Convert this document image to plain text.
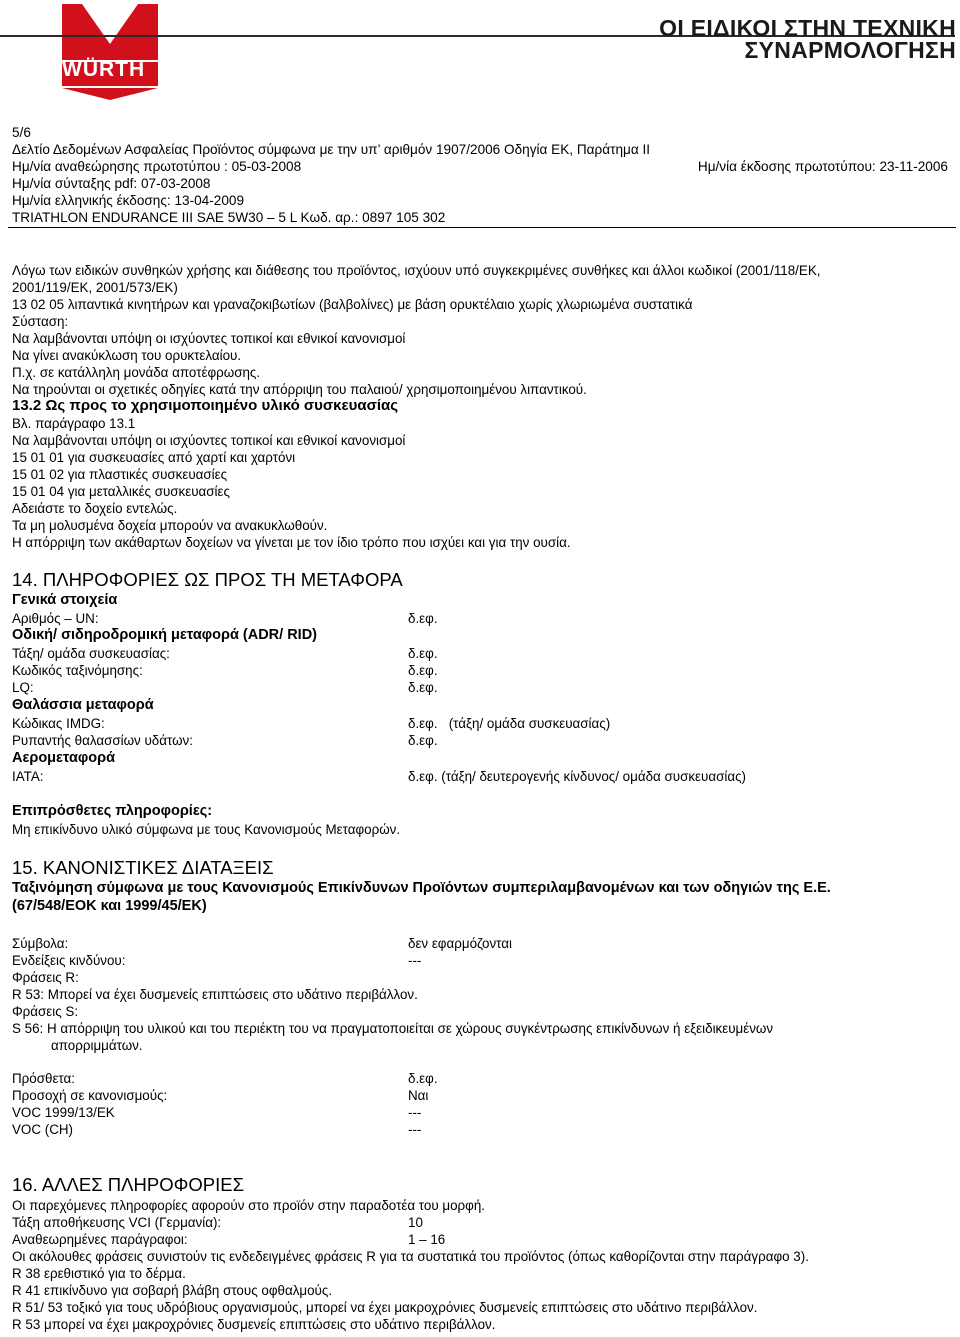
WÜRTH
®
ΟΙ ΕΙΔΙΚΟΙ ΣΤΗΝ ΤΕΧΝΙΚΗ
ΣΥΝΑΡΜΟΛΟΓΗΣΗ
5/6
Δελτίο Δεδομένων Ασφαλείας Προϊόντος σύμφωνα με την υπ’ αριθμόν 1907/2006 Οδηγία ΕΚ, Παράτημα II
Ημ/νία αναθεώρησης πρωτοτύπου : 05-03-2008	Ημ/νία έκδοσης πρωτοτύπου: 23-11-2006
Ημ/νία σύνταξης pdf: 07-03-2008
Ημ/νία ελληνικής έκδοσης: 13-04-2009
TRIATHLON ENDURANCE III SAE 5W30 – 5 L Κωδ. αρ.: 0897 105 302
Λόγω των ειδικών συνθηκών χρήσης και διάθεσης του προϊόντος, ισχύουν υπό συγκεκριμένες συνθήκες και άλλοι κωδικοί (2001/118/ΕΚ,
2001/119/ΕΚ, 2001/573/ΕΚ)
13 02 05 λιπαντικά κινητήρων και γραναζοκιβωτίων (βαλβολίνες) με βάση ορυκτέλαιο χωρίς χλωριωμένα συστατικά
Σύσταση:
Να λαμβάνονται υπόψη οι ισχύοντες τοπικοί και εθνικοί κανονισμοί
Να γίνει ανακύκλωση του ορυκτελαίου.
Π.χ. σε κατάλληλη μονάδα αποτέφρωσης.
Να τηρούνται οι σχετικές οδηγίες κατά την απόρριψη του παλαιού/ χρησιμοποιημένου λιπαντικού.
13.2 Ως προς το χρησιμοποιημένο υλικό συσκευασίας
Βλ. παράγραφο 13.1
Να λαμβάνονται υπόψη οι ισχύοντες τοπικοί και εθνικοί κανονισμοί
15 01 01 για συσκευασίες από χαρτί και χαρτόνι
15 01 02 για πλαστικές συσκευασίες
15 01 04 για μεταλλικές συσκευασίες
Αδειάστε το δοχείο εντελώς.
Τα μη μολυσμένα δοχεία μπορούν να ανακυκλωθούν.
Η απόρριψη των ακάθαρτων δοχείων να γίνεται με τον ίδιο τρόπο που ισχύει και για την ουσία.
14. ΠΛΗΡΟΦΟΡΙΕΣ ΩΣ ΠΡΟΣ ΤΗ ΜΕΤΑΦΟΡΑ
Γενικά στοιχεία
Αριθμός – UN:	δ.εφ.
Οδική/ σιδηροδρομική μεταφορά (ADR/ RID)
Τάξη/ ομάδα συσκευασίας:	δ.εφ.
Κωδικός ταξινόμησης:	δ.εφ.
LQ:	δ.εφ.
Θαλάσσια μεταφορά
Κώδικας IMDG:	δ.εφ.   (τάξη/ ομάδα συσκευασίας)
Ρυπαντής θαλασσίων υδάτων:	δ.εφ.
Αερομεταφορά
IATA:	δ.εφ. (τάξη/ δευτερογενής κίνδυνος/ ομάδα συσκευασίας)
Επιπρόσθετες πληροφορίες:
Μη επικίνδυνο υλικό σύμφωνα με τους Κανονισμούς Μεταφορών.
15. ΚΑΝΟΝΙΣΤΙΚΕΣ ΔΙΑΤΑΞΕΙΣ
Ταξινόμηση σύμφωνα με τους Κανονισμούς Επικίνδυνων Προϊόντων συμπεριλαμβανομένων και των οδηγιών της Ε.Ε.
(67/548/ΕΟΚ και 1999/45/ΕΚ)
Σύμβολα:	δεν εφαρμόζονται
Ενδείξεις κινδύνου:	---
Φράσεις R:
R 53: Μπορεί να έχει δυσμενείς επιπτώσεις στο υδάτινο περιβάλλον.
Φράσεις S:
S 56: Η απόρριψη του υλικού και του περιέκτη του να πραγματοποιείται σε χώρους συγκέντρωσης επικίνδυνων ή εξειδικευμένων
απορριμμάτων.
Πρόσθετα:	δ.εφ.
Προσοχή σε κανονισμούς:	Ναι
VOC 1999/13/EK	---
VOC (CH)	---
16. ΑΛΛΕΣ ΠΛΗΡΟΦΟΡΙΕΣ
Οι παρεχόμενες πληροφορίες αφορούν στο προϊόν στην παραδοτέα του μορφή.
Τάξη αποθήκευσης VCI (Γερμανία):	10
Αναθεωρημένες παράγραφοι:	1 – 16
Οι ακόλουθες φράσεις συνιστούν τις ενδεδειγμένες φράσεις R για τα συστατικά του προϊόντος (όπως καθορίζονται στην παράγραφο 3).
R 38 ερεθιστικό για το δέρμα.
R 41 επικίνδυνο για σοβαρή βλάβη στους οφθαλμούς.
R 51/ 53 τοξικό για τους υδρόβιους οργανισμούς, μπορεί να έχει μακροχρόνιες δυσμενείς επιπτώσεις στο υδάτινο περιβάλλον.
R 53 μπορεί να έχει μακροχρόνιες δυσμενείς επιπτώσεις στο υδάτινο περιβάλλον.
